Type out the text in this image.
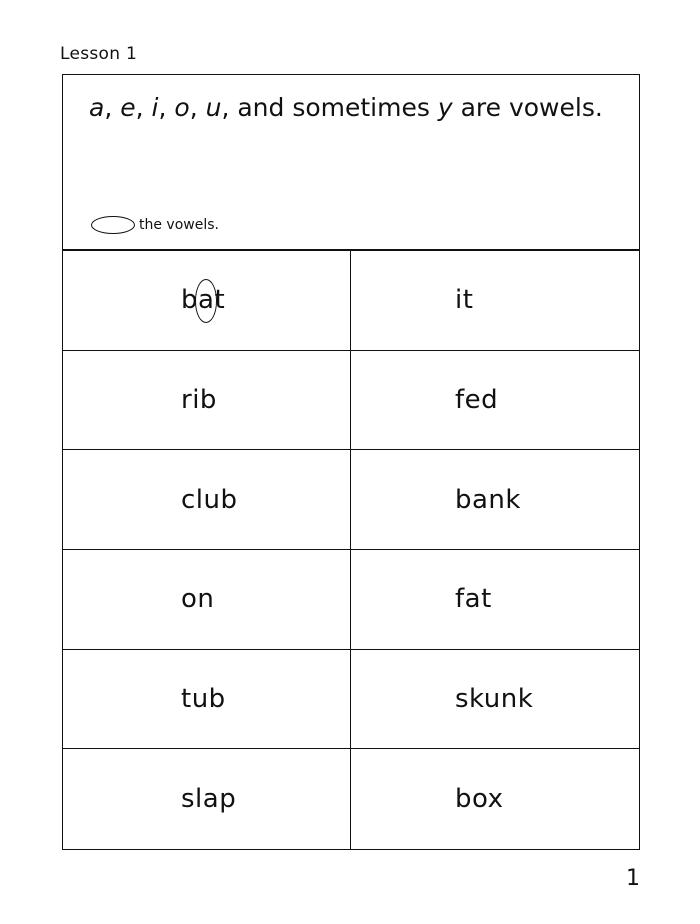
Lesson 1
a, e, i, o, u, and sometimes y are vowels.
the vowels.
bat	it
rib	fed
club	bank
on	fat
tub	skunk
slap	box
1
